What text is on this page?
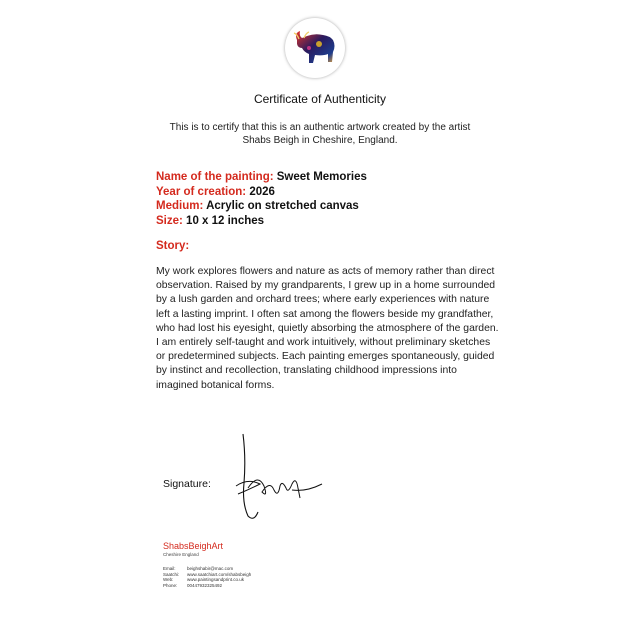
Certificate of Authenticity
This is to certify that this is an authentic artwork created by the artist
Shabs Beigh in Cheshire, England.
Name of the painting: Sweet Memories
Year of creation: 2026
Medium: Acrylic on stretched canvas
Size: 10 x 12 inches
Story:
My work explores flowers and nature as acts of memory rather than direct observation. Raised by my grandparents, I grew up in a home surrounded by a lush garden and orchard trees; where early experiences with nature left a lasting imprint. I often sat among the flowers beside my grandfather, who had lost his eyesight, quietly absorbing the atmosphere of the garden. I am entirely self-taught and work intuitively, without preliminary sketches or predetermined subjects. Each painting emerges spontaneously, guided by instinct and recollection, translating childhood impressions into imagined botanical forms.
Signature:
ShabsBeighArt
Cheshire England
Email:	beighshabir@mac.com
Saatchi: www.saatchiart.com/shabsbeigh
Web:	www.paintingsandprint.co.uk
Phone: 00447932325492
